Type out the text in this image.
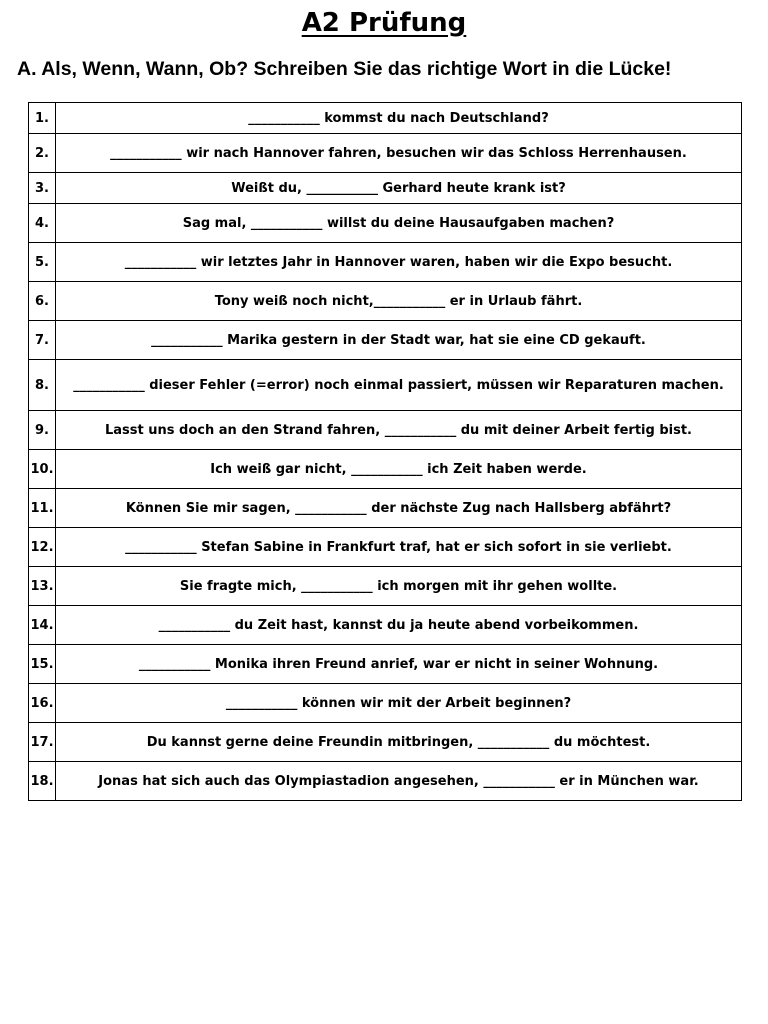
A2 Prüfung
A. Als, Wenn, Wann, Ob? Schreiben Sie das richtige Wort in die Lücke!
1.	___________ kommst du nach Deutschland?
2.	___________ wir nach Hannover fahren, besuchen wir das Schloss Herrenhausen.
3.	Weißt du, ___________ Gerhard heute krank ist?
4.	Sag mal, ___________ willst du deine Hausaufgaben machen?
5.	___________ wir letztes Jahr in Hannover waren, haben wir die Expo besucht.
6.	Tony weiß noch nicht,___________ er in Urlaub fährt.
7.	___________ Marika gestern in der Stadt war, hat sie eine CD gekauft.
8.	___________ dieser Fehler (=error) noch einmal passiert, müssen wir Reparaturen machen.
9.	Lasst uns doch an den Strand fahren, ___________ du mit deiner Arbeit fertig bist.
10.	Ich weiß gar nicht, ___________ ich Zeit haben werde.
11.	Können Sie mir sagen, ___________ der nächste Zug nach Hallsberg abfährt?
12.	___________ Stefan Sabine in Frankfurt traf, hat er sich sofort in sie verliebt.
13.	Sie fragte mich, ___________ ich morgen mit ihr gehen wollte.
14.	___________ du Zeit hast, kannst du ja heute abend vorbeikommen.
15.	___________ Monika ihren Freund anrief, war er nicht in seiner Wohnung.
16.	___________ können wir mit der Arbeit beginnen?
17.	Du kannst gerne deine Freundin mitbringen, ___________ du möchtest.
18.	Jonas hat sich auch das Olympiastadion angesehen, ___________ er in München war.
